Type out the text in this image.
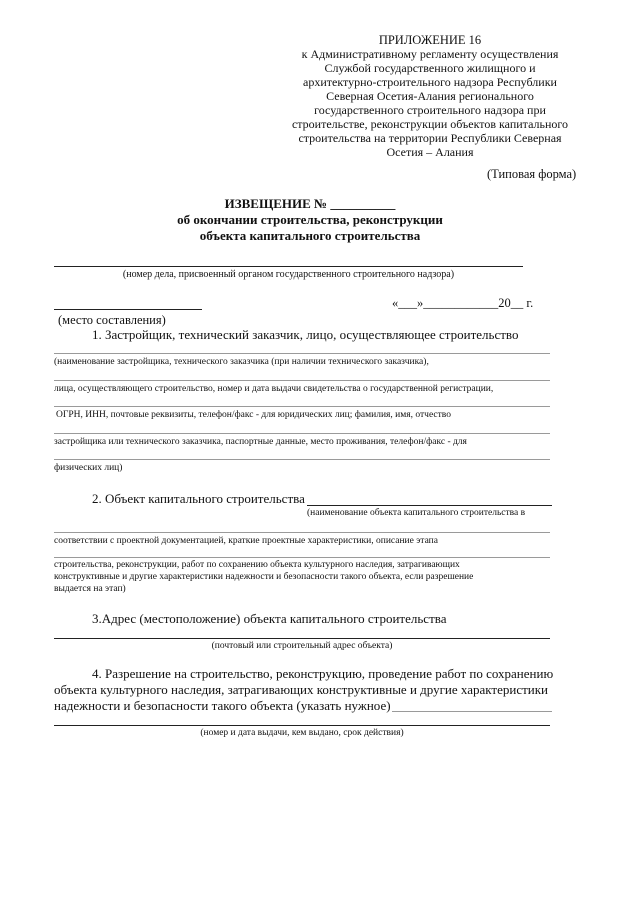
ПРИЛОЖЕНИЕ 16
к Административному регламенту осуществления
Службой государственного жилищного и
архитектурно-строительного надзора Республики
Северная Осетия-Алания регионального
государственного строительного надзора при
строительстве, реконструкции объектов капитального
строительства на территории Республики Северная
Осетия – Алания
(Типовая форма)
ИЗВЕЩЕНИЕ № __________
об окончании строительства, реконструкции
объекта капитального строительства
(номер дела, присвоенный органом государственного строительного надзора)
«___»____________20__ г.
(место составления)
1. Застройщик, технический заказчик, лицо, осуществляющее строительство
(наименование застройщика, технического заказчика (при наличии технического заказчика),
лица, осуществляющего строительство, номер и дата выдачи свидетельства о государственной регистрации,
ОГРН, ИНН, почтовые реквизиты, телефон/факс - для юридических лиц; фамилия, имя, отчество
застройщика или технического заказчика, паспортные данные, место проживания, телефон/факс - для
физических лиц)
2. Объект капитального строительства
(наименование объекта капитального строительства в
соответствии с проектной документацией, краткие проектные характеристики, описание этапа
строительства, реконструкции, работ по сохранению объекта культурного наследия, затрагивающих
конструктивные и другие характеристики надежности и безопасности такого объекта, если разрешение
выдается на этап)
3.Адрес (местоположение) объекта капитального строительства
(почтовый или строительный адрес объекта)
4. Разрешение на строительство, реконструкцию, проведение работ по сохранению
объекта культурного наследия, затрагивающих конструктивные и другие характеристики
надежности и безопасности такого объекта (указать нужное)
(номер и дата выдачи, кем выдано, срок действия)
